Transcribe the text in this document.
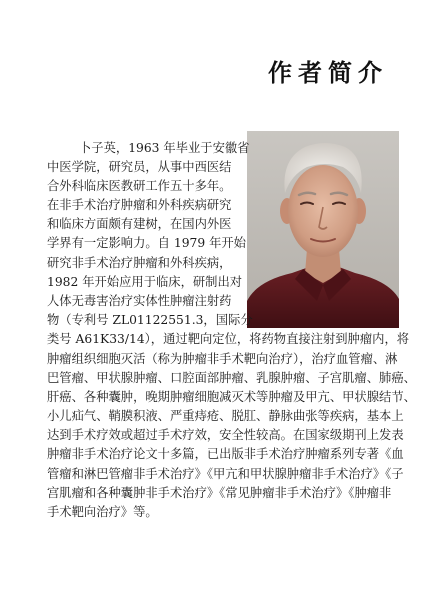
作者简介
卜子英，1963 年毕业于安徽省
中医学院，研究员，从事中西医结
合外科临床医教研工作五十多年。
在非手术治疗肿瘤和外科疾病研究
和临床方面颇有建树，在国内外医
学界有一定影响力。自 1979 年开始
研究非手术治疗肿瘤和外科疾病，
1982 年开始应用于临床，研制出对
人体无毒害治疗实体性肿瘤注射药
物（专利号 ZL01122551.3，国际分
类号 A61K33/14），通过靶向定位，将药物直接注射到肿瘤内，将
肿瘤组织细胞灭活（称为肿瘤非手术靶向治疗），治疗血管瘤、淋
巴管瘤、甲状腺肿瘤、口腔面部肿瘤、乳腺肿瘤、子宫肌瘤、肺癌、
肝癌、各种囊肿，晚期肿瘤细胞减灭术等肿瘤及甲亢、甲状腺结节、
小儿疝气、鞘膜积液、严重痔疮、脱肛、静脉曲张等疾病，基本上
达到手术疗效或超过手术疗效，安全性较高。在国家级期刊上发表
肿瘤非手术治疗论文十多篇，已出版非手术治疗肿瘤系列专著《血
管瘤和淋巴管瘤非手术治疗》《甲亢和甲状腺肿瘤非手术治疗》《子
宫肌瘤和各种囊肿非手术治疗》《常见肿瘤非手术治疗》《肿瘤非
手术靶向治疗》等。
